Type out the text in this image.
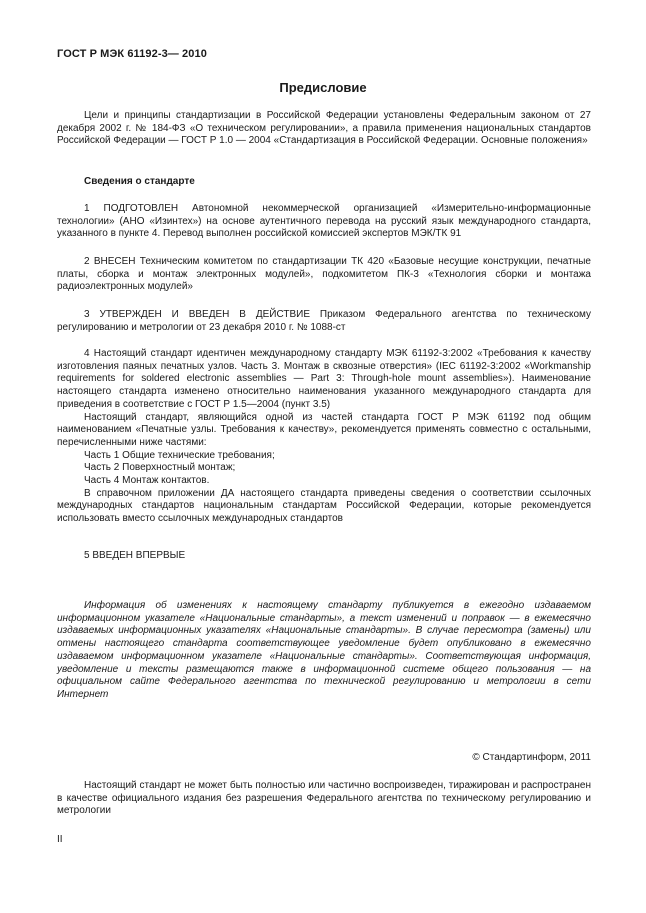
ГОСТ Р МЭК 61192-3— 2010
Предисловие

Цели и принципы стандартизации в Российской Федерации установлены Федеральным законом от 27 декабря 2002 г. № 184-ФЗ «О техническом регулировании», а правила применения национальных стандартов Российской Федерации — ГОСТ Р 1.0 — 2004 «Стандартизация в Российской Федерации. Основные положения»

Сведения о стандарте

1 ПОДГОТОВЛЕН Автономной некоммерческой организацией «Измерительно-информационные технологии» (АНО «Изинтех») на основе аутентичного перевода на русский язык международного стандарта, указанного в пункте 4. Перевод выполнен российской комиссией экспертов МЭК/ТК 91

2 ВНЕСЕН Техническим комитетом по стандартизации ТК 420 «Базовые несущие конструкции, печатные платы, сборка и монтаж электронных модулей», подкомитетом ПК-3 «Технология сборки и монтажа радиоэлектронных модулей»

3 УТВЕРЖДЕН И ВВЕДЕН В ДЕЙСТВИЕ Приказом Федерального агентства по техническому регулированию и метрологии от 23 декабря 2010 г. № 1088-ст

4 Настоящий стандарт идентичен международному стандарту МЭК 61192-3:2002 «Требования к качеству изготовления паяных печатных узлов. Часть 3. Монтаж в сквозные отверстия» (IEC 61192-3:2002 «Workmanship requirements for soldered electronic assemblies — Part 3: Through-hole mount assemblies»). Наименование настоящего стандарта изменено относительно наименования указанного международного стандарта для приведения в соответствие с ГОСТ Р 1.5—2004 (пункт 3.5)

Настоящий стандарт, являющийся одной из частей стандарта ГОСТ Р МЭК 61192 под общим наименованием «Печатные узлы. Требования к качеству», рекомендуется применять совместно с остальными, перечисленными ниже частями:

Часть 1 Общие технические требования;

Часть 2 Поверхностный монтаж;

Часть 4 Монтаж контактов.

В справочном приложении ДА настоящего стандарта приведены сведения о соответствии ссылочных международных стандартов национальным стандартам Российской Федерации, которые рекомендуется использовать вместо ссылочных международных стандартов

5 ВВЕДЕН ВПЕРВЫЕ

Информация об изменениях к настоящему стандарту публикуется в ежегодно издаваемом информационном указателе «Национальные стандарты», а текст изменений и поправок — в ежемесячно издаваемых информационных указателях «Национальные стандарты». В случае пересмотра (замены) или отмены настоящего стандарта соответствующее уведомление будет опубликовано в ежемесячно издаваемом информационном указателе «Национальные стандарты». Соответствующая информация, уведомление и тексты размещаются также в информационной системе общего пользования — на официальном сайте Федерального агентства по технической регулированию и метрологии в сети Интернет

© Стандартинформ, 2011

Настоящий стандарт не может быть полностью или частично воспроизведен, тиражирован и распространен в качестве официального издания без разрешения Федерального агентства по техническому регулированию и метрологии

II
